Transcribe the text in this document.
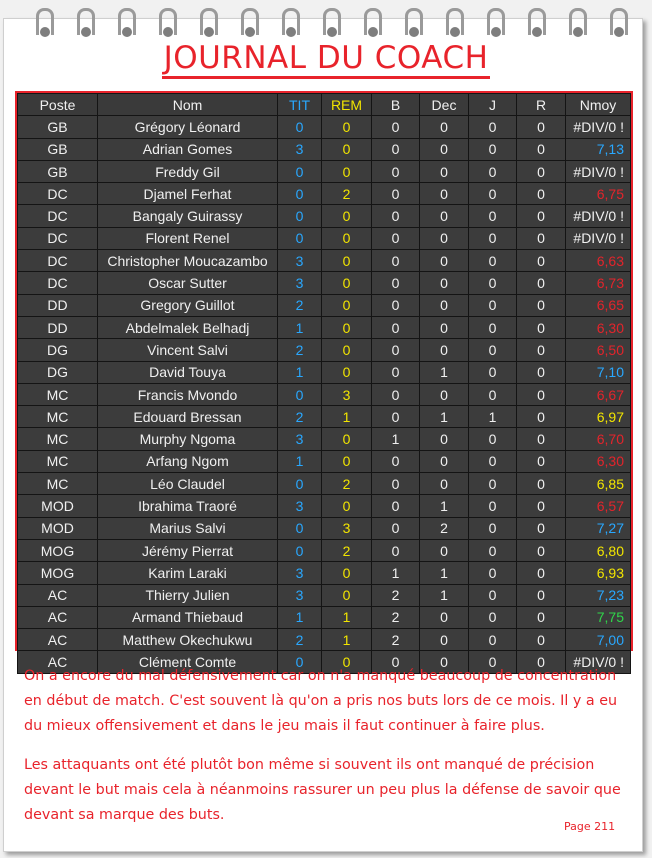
JOURNAL DU COACH
Poste	Nom	TIT	REM	B	Dec	J	R	Nmoy
GB	Grégory Léonard	0	0	0	0	0	0	#DIV/0 !
GB	Adrian Gomes	3	0	0	0	0	0	7,13
GB	Freddy Gil	0	0	0	0	0	0	#DIV/0 !
DC	Djamel Ferhat	0	2	0	0	0	0	6,75
DC	Bangaly Guirassy	0	0	0	0	0	0	#DIV/0 !
DC	Florent Renel	0	0	0	0	0	0	#DIV/0 !
DC	Christopher Moucazambo	3	0	0	0	0	0	6,63
DC	Oscar Sutter	3	0	0	0	0	0	6,73
DD	Gregory Guillot	2	0	0	0	0	0	6,65
DD	Abdelmalek Belhadj	1	0	0	0	0	0	6,30
DG	Vincent Salvi	2	0	0	0	0	0	6,50
DG	David Touya	1	0	0	1	0	0	7,10
MC	Francis Mvondo	0	3	0	0	0	0	6,67
MC	Edouard Bressan	2	1	0	1	1	0	6,97
MC	Murphy Ngoma	3	0	1	0	0	0	6,70
MC	Arfang Ngom	1	0	0	0	0	0	6,30
MC	Léo Claudel	0	2	0	0	0	0	6,85
MOD	Ibrahima Traoré	3	0	0	1	0	0	6,57
MOD	Marius Salvi	0	3	0	2	0	0	7,27
MOG	Jérémy Pierrat	0	2	0	0	0	0	6,80
MOG	Karim Laraki	3	0	1	1	0	0	6,93
AC	Thierry Julien	3	0	2	1	0	0	7,23
AC	Armand Thiebaud	1	1	2	0	0	0	7,75
AC	Matthew Okechukwu	2	1	2	0	0	0	7,00
AC	Clément Comte	0	0	0	0	0	0	#DIV/0 !
On a encore du mal défensivement car on n'a manqué beaucoup de concentration en début de match. C'est souvent là qu'on a pris nos buts lors de ce mois. Il y a eu du mieux offensivement et dans le jeu mais il faut continuer à faire plus.
Les attaquants ont été plutôt bon même si souvent ils ont manqué de précision devant le but mais cela à néanmoins rassurer un peu plus la défense de savoir que devant sa marque des buts.
Page 211
